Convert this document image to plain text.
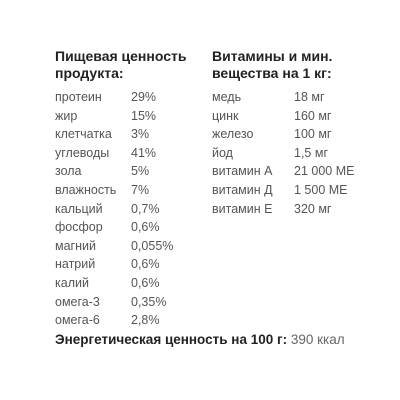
Пищевая ценность
продукта:
протеин	29%
жир	15%
клетчатка	3%
углеводы	41%
зола	5%
влажность	7%
кальций	0,7%
фосфор	0,6%
магний	0,055%
натрий	0,6%
калий	0,6%
омега-3	0,35%
омега-6	2,8%
Витамины и мин.
вещества на 1 кг:
медь	18 мг
цинк	160 мг
железо	100 мг
йод	1,5 мг
витамин А	21 000 МЕ
витамин Д	1 500 МЕ
витамин Е	320 мг
Энергетическая ценность на 100 г: 390 ккал
